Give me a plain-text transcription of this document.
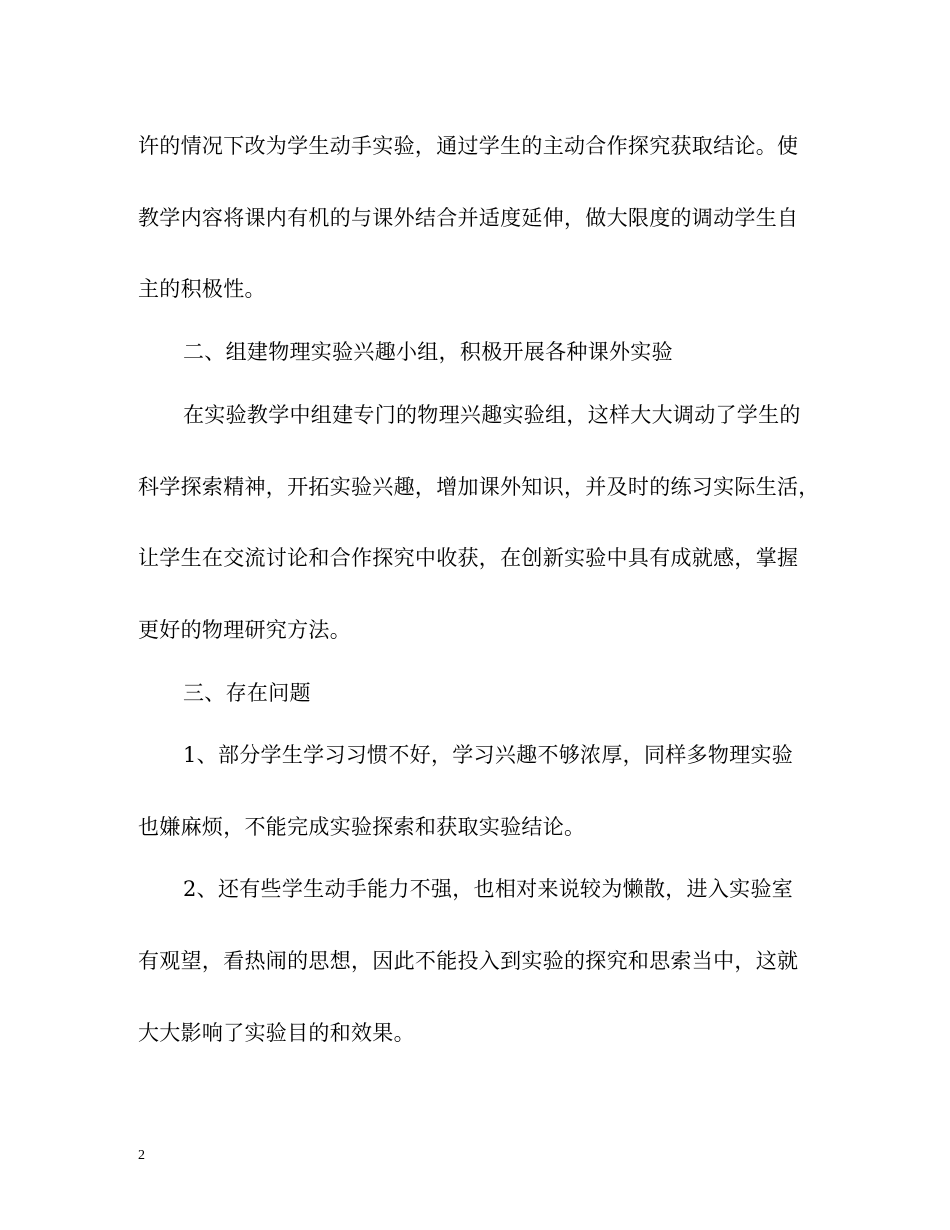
许的情况下改为学生动手实验，通过学生的主动合作探究获取结论。使
教学内容将课内有机的与课外结合并适度延伸，做大限度的调动学生自
主的积极性。
二、组建物理实验兴趣小组，积极开展各种课外实验
在实验教学中组建专门的物理兴趣实验组，这样大大调动了学生的
科学探索精神，开拓实验兴趣，增加课外知识，并及时的练习实际生活，
让学生在交流讨论和合作探究中收获，在创新实验中具有成就感，掌握
更好的物理研究方法。
三、存在问题
1、部分学生学习习惯不好，学习兴趣不够浓厚，同样多物理实验
也嫌麻烦，不能完成实验探索和获取实验结论。
2、还有些学生动手能力不强，也相对来说较为懒散，进入实验室
有观望，看热闹的思想，因此不能投入到实验的探究和思索当中，这就
大大影响了实验目的和效果。
2
